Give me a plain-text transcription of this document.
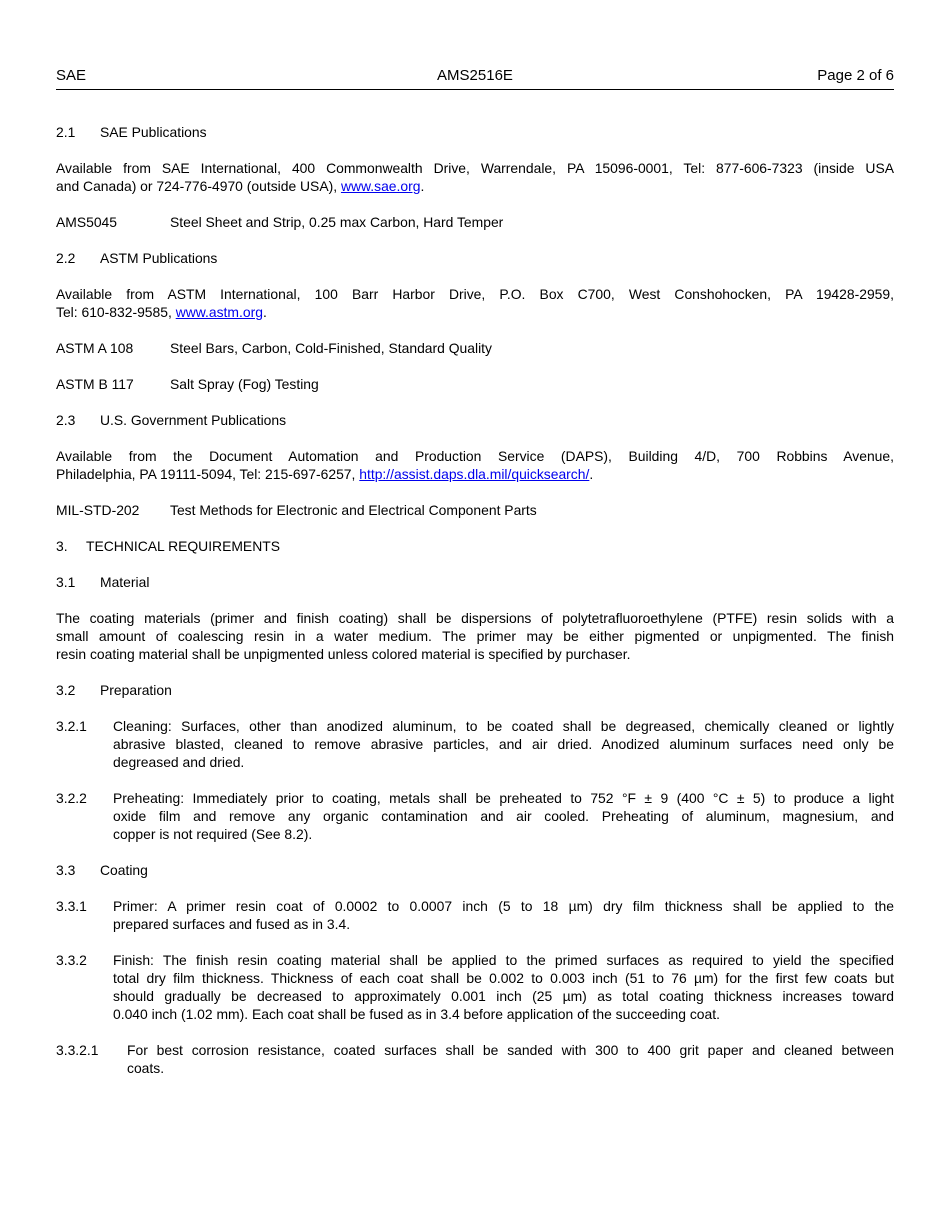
SAE	AMS2516E	Page 2 of 6
2.1 SAE Publications
Available from SAE International, 400 Commonwealth Drive, Warrendale, PA 15096-0001, Tel: 877-606-7323 (inside USA
and Canada) or 724-776-4970 (outside USA), www.sae.org.
AMS5045	Steel Sheet and Strip, 0.25 max Carbon, Hard Temper
2.2 ASTM Publications
Available from ASTM International, 100 Barr Harbor Drive, P.O. Box C700, West Conshohocken, PA 19428-2959,
Tel: 610-832-9585, www.astm.org.
ASTM A 108	Steel Bars, Carbon, Cold-Finished, Standard Quality
ASTM B 117	Salt Spray (Fog) Testing
2.3 U.S. Government Publications
Available from the Document Automation and Production Service (DAPS), Building 4/D, 700 Robbins Avenue,
Philadelphia, PA 19111-5094, Tel: 215-697-6257, http://assist.daps.dla.mil/quicksearch/.
MIL-STD-202 Test Methods for Electronic and Electrical Component Parts
3. TECHNICAL REQUIREMENTS
3.1 Material
The coating materials (primer and finish coating) shall be dispersions of polytetrafluoroethylene (PTFE) resin solids with a
small amount of coalescing resin in a water medium. The primer may be either pigmented or unpigmented. The finish
resin coating material shall be unpigmented unless colored material is specified by purchaser.
3.2 Preparation
3.2.1 Cleaning: Surfaces, other than anodized aluminum, to be coated shall be degreased, chemically cleaned or lightly
abrasive blasted, cleaned to remove abrasive particles, and air dried. Anodized aluminum surfaces need only be
degreased and dried.
3.2.2 Preheating: Immediately prior to coating, metals shall be preheated to 752 °F ± 9 (400 °C ± 5) to produce a light
oxide film and remove any organic contamination and air cooled. Preheating of aluminum, magnesium, and
copper is not required (See 8.2).
3.3 Coating
3.3.1 Primer: A primer resin coat of 0.0002 to 0.0007 inch (5 to 18 µm) dry film thickness shall be applied to the
prepared surfaces and fused as in 3.4.
3.3.2 Finish: The finish resin coating material shall be applied to the primed surfaces as required to yield the specified
total dry film thickness. Thickness of each coat shall be 0.002 to 0.003 inch (51 to 76 µm) for the first few coats but
should gradually be decreased to approximately 0.001 inch (25 µm) as total coating thickness increases toward
0.040 inch (1.02 mm). Each coat shall be fused as in 3.4 before application of the succeeding coat.
3.3.2.1 For best corrosion resistance, coated surfaces shall be sanded with 300 to 400 grit paper and cleaned between
coats.
